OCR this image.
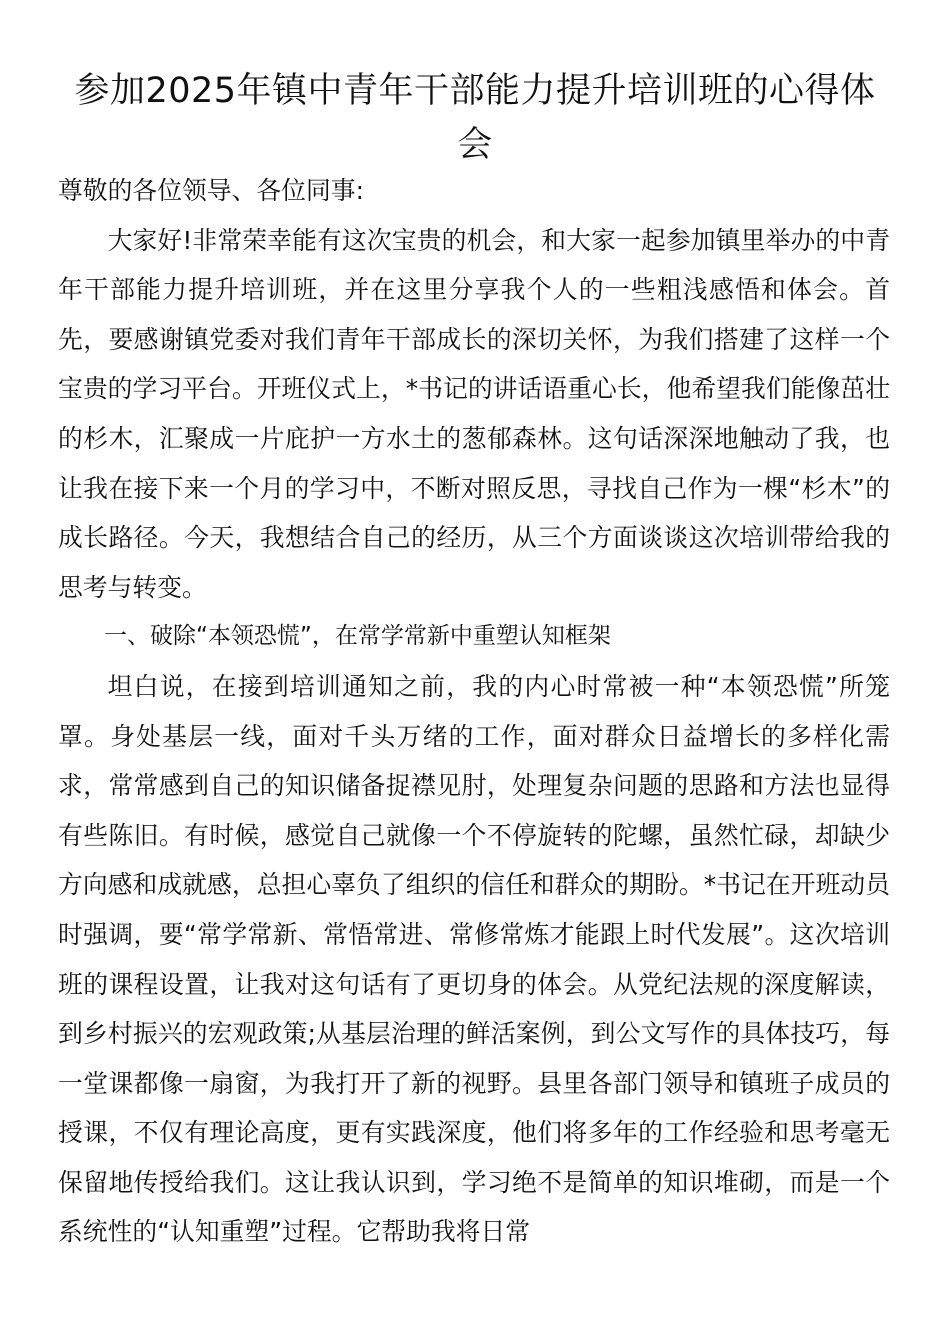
参加2025年镇中青年干部能力提升培训班的心得体会

尊敬的各位领导、各位同事:

大家好!非常荣幸能有这次宝贵的机会，和大家一起参加镇里举办的中青年干部能力提升培训班，并在这里分享我个人的一些粗浅感悟和体会。首先，要感谢镇党委对我们青年干部成长的深切关怀，为我们搭建了这样一个宝贵的学习平台。开班仪式上，*书记的讲话语重心长，他希望我们能像茁壮的杉木，汇聚成一片庇护一方水土的葱郁森林。这句话深深地触动了我，也让我在接下来一个月的学习中，不断对照反思，寻找自己作为一棵“杉木”的成长路径。今天，我想结合自己的经历，从三个方面谈谈这次培训带给我的思考与转变。

一、破除“本领恐慌”，在常学常新中重塑认知框架

坦白说，在接到培训通知之前，我的内心时常被一种“本领恐慌”所笼罩。身处基层一线，面对千头万绪的工作，面对群众日益增长的多样化需求，常常感到自己的知识储备捉襟见肘，处理复杂问题的思路和方法也显得有些陈旧。有时候，感觉自己就像一个不停旋转的陀螺，虽然忙碌，却缺少方向感和成就感，总担心辜负了组织的信任和群众的期盼。*书记在开班动员时强调，要“常学常新、常悟常进、常修常炼才能跟上时代发展”。这次培训班的课程设置，让我对这句话有了更切身的体会。从党纪法规的深度解读，到乡村振兴的宏观政策;从基层治理的鲜活案例，到公文写作的具体技巧，每一堂课都像一扇窗，为我打开了新的视野。县里各部门领导和镇班子成员的授课，不仅有理论高度，更有实践深度，他们将多年的工作经验和思考毫无保留地传授给我们。这让我认识到，学习绝不是简单的知识堆砌，而是一个系统性的“认知重塑”过程。它帮助我将日常
